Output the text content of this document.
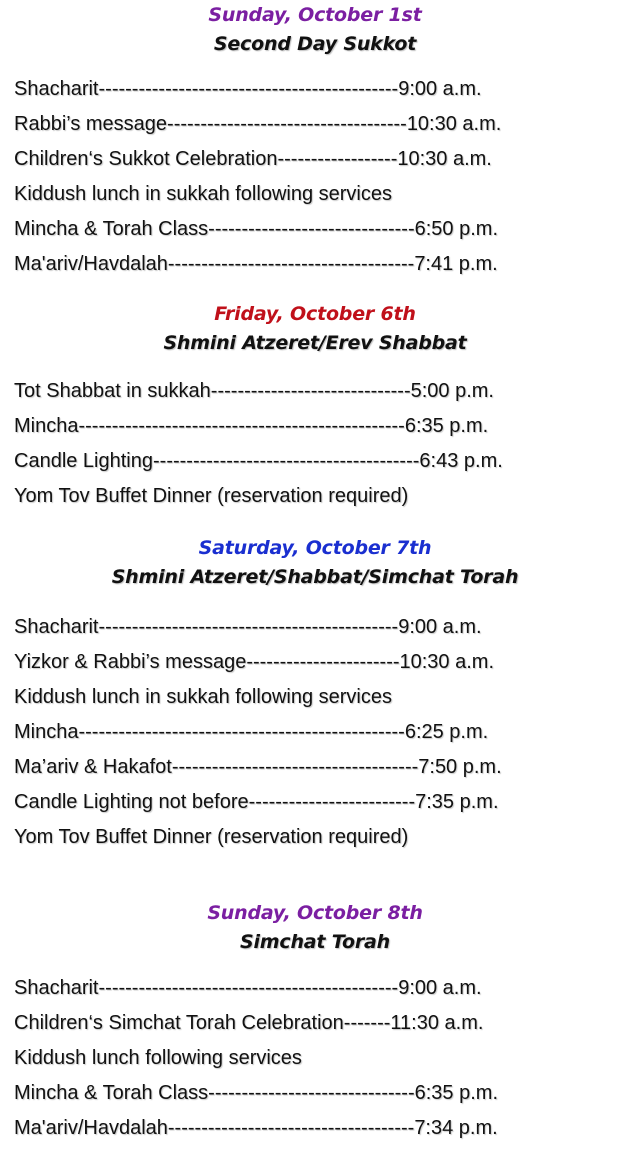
Sunday, October 1st
Second Day Sukkot
Shacharit---------------------------------------------9:00 a.m.
Rabbi’s message------------------------------------10:30 a.m.
Children‘s Sukkot Celebration------------------10:30 a.m.
Kiddush lunch in sukkah following services
Mincha & Torah Class-------------------------------6:50 p.m.
Ma'ariv/Havdalah-------------------------------------7:41 p.m.
Friday, October 6th
Shmini Atzeret/Erev Shabbat
Tot Shabbat in sukkah------------------------------5:00 p.m.
Mincha-------------------------------------------------6:35 p.m.
Candle Lighting----------------------------------------6:43 p.m.
Yom Tov Buffet Dinner (reservation required)
Saturday, October 7th
Shmini Atzeret/Shabbat/Simchat Torah
Shacharit---------------------------------------------9:00 a.m.
Yizkor & Rabbi’s message-----------------------10:30 a.m.
Kiddush lunch in sukkah following services
Mincha-------------------------------------------------6:25 p.m.
Ma’ariv & Hakafot-------------------------------------7:50 p.m.
Candle Lighting not before-------------------------7:35 p.m.
Yom Tov Buffet Dinner (reservation required)
Sunday, October 8th
Simchat Torah
Shacharit---------------------------------------------9:00 a.m.
Children‘s Simchat Torah Celebration-------11:30 a.m.
Kiddush lunch following services
Mincha & Torah Class-------------------------------6:35 p.m.
Ma'ariv/Havdalah-------------------------------------7:34 p.m.
